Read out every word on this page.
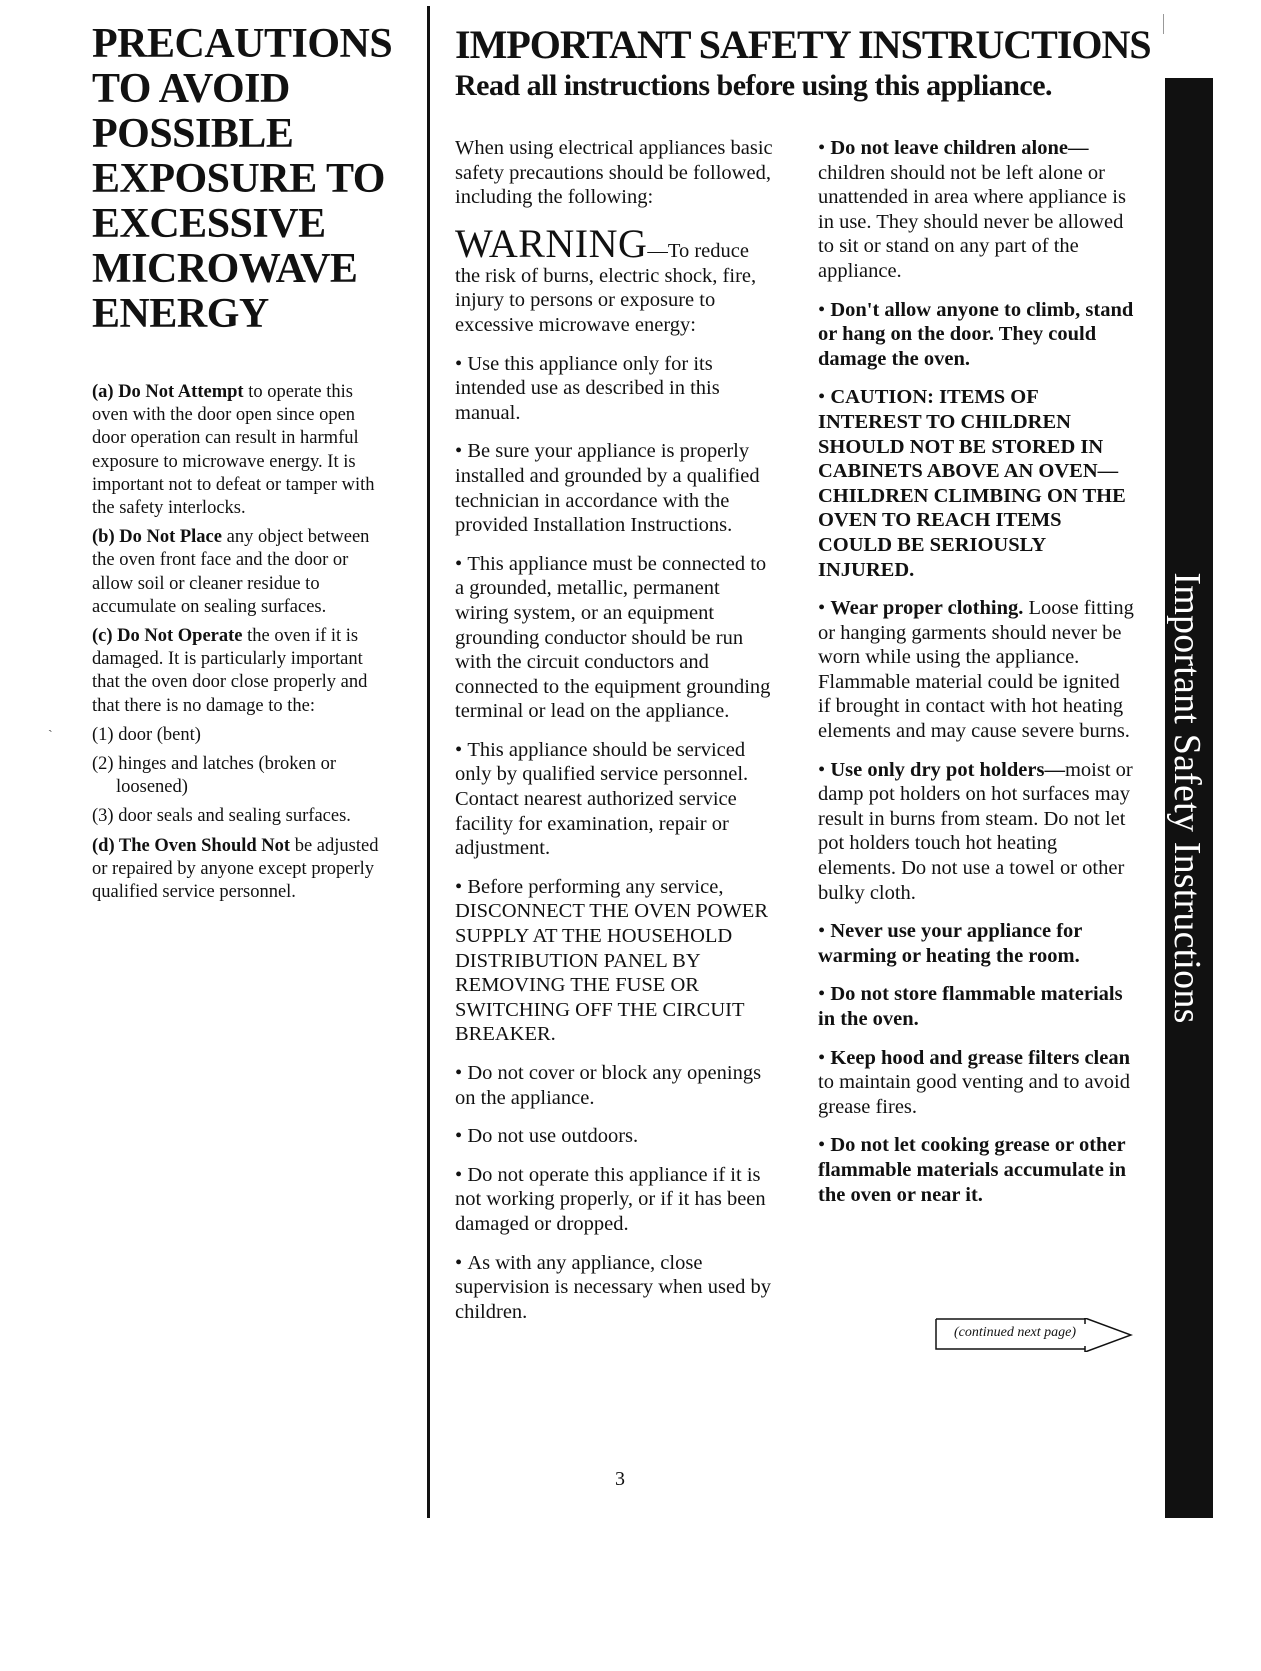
PRECAUTIONS
TO AVOID
POSSIBLE
EXPOSURE TO
EXCESSIVE
MICROWAVE
ENERGY

(a) Do Not Attempt to operate this oven with the door open since open door operation can result in harmful exposure to microwave energy. It is important not to defeat or tamper with the safety interlocks.

(b) Do Not Place any object between the oven front face and the door or allow soil or cleaner residue to accumulate on sealing surfaces.

(c) Do Not Operate the oven if it is damaged. It is particularly important that the oven door close properly and that there is no damage to the:

(1) door (bent)

(2) hinges and latches (broken or loosened)

(3) door seals and sealing surfaces.

(d) The Oven Should Not be adjusted or repaired by anyone except properly qualified service personnel.

ˎ
IMPORTANT SAFETY INSTRUCTIONS
Read all instructions before using this appliance.

When using electrical appliances basic safety precautions should be followed, including the following:

WARNING—To reduce the risk of burns, electric shock, fire, injury to persons or exposure to excessive microwave energy:

• Use this appliance only for its intended use as described in this manual.

• Be sure your appliance is properly installed and grounded by a qualified technician in accordance with the provided Installation Instructions.

• This appliance must be connected to a grounded, metallic, permanent wiring system, or an equipment grounding conductor should be run with the circuit conductors and connected to the equipment grounding terminal or lead on the appliance.

• This appliance should be serviced only by qualified service personnel. Contact nearest authorized service facility for examination, repair or adjustment.

• Before performing any service, DISCONNECT THE OVEN POWER SUPPLY AT THE HOUSEHOLD DISTRIBUTION PANEL BY REMOVING THE FUSE OR SWITCHING OFF THE CIRCUIT BREAKER.

• Do not cover or block any openings on the appliance.

• Do not use outdoors.

• Do not operate this appliance if it is not working properly, or if it has been damaged or dropped.

• As with any appliance, close supervision is necessary when used by children.

• Do not leave children alone—children should not be left alone or unattended in area where appliance is in use. They should never be allowed to sit or stand on any part of the appliance.

• Don't allow anyone to climb, stand or hang on the door. They could damage the oven.

• CAUTION: ITEMS OF INTEREST TO CHILDREN SHOULD NOT BE STORED IN CABINETS ABOVE AN OVEN—CHILDREN CLIMBING ON THE OVEN TO REACH ITEMS COULD BE SERIOUSLY INJURED.

• Wear proper clothing. Loose fitting or hanging garments should never be worn while using the appliance. Flammable material could be ignited if brought in contact with hot heating elements and may cause severe burns.

• Use only dry pot holders—moist or damp pot holders on hot surfaces may result in burns from steam. Do not let pot holders touch hot heating elements. Do not use a towel or other bulky cloth.

• Never use your appliance for warming or heating the room.

• Do not store flammable materials in the oven.

• Keep hood and grease filters clean to maintain good venting and to avoid grease fires.

• Do not let cooking grease or other flammable materials accumulate in the oven or near it.

(continued next page)
3
Important Safety Instructions
